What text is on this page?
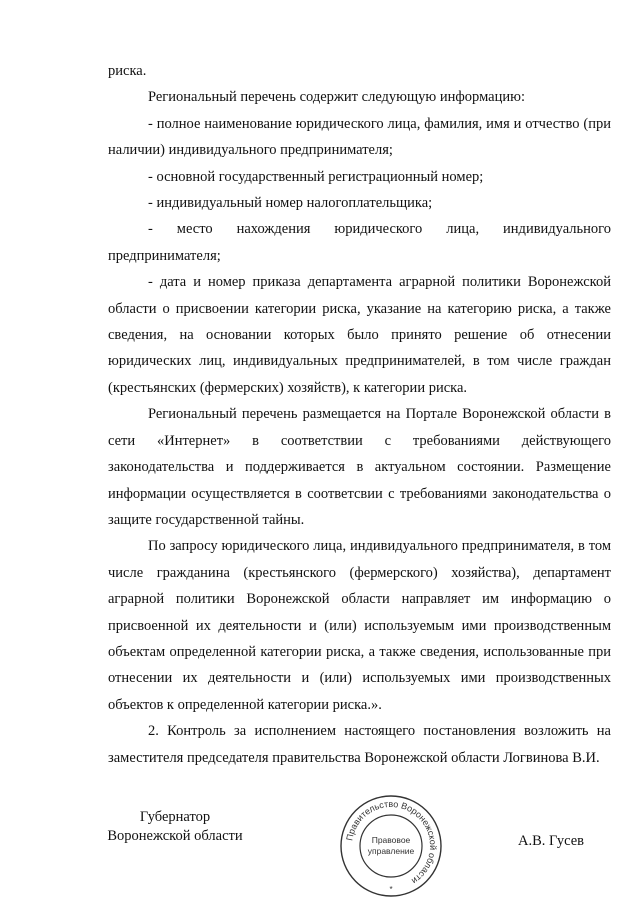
риска.

Региональный перечень содержит следующую информацию:

- полное наименование юридического лица, фамилия, имя и отчество (при наличии) индивидуального предпринимателя;

- основной государственный регистрационный номер;

- индивидуальный номер налогоплательщика;

- место нахождения юридического лица, индивидуального предпринимателя;

- дата и номер приказа департамента аграрной политики Воронежской области о присвоении категории риска, указание на категорию риска, а также сведения, на основании которых было принято решение об отнесении юридических лиц, индивидуальных предпринимателей, в том числе граждан (крестьянских (фермерских) хозяйств), к категории риска.

Региональный перечень размещается на Портале Воронежской области в сети «Интернет» в соответствии с требованиями действующего законодательства и поддерживается в актуальном состоянии. Размещение информации осуществляется в соответсвии с требованиями законодательства о защите государственной тайны.

По запросу юридического лица, индивидуального предпринимателя, в том числе гражданина (крестьянского (фермерского) хозяйства), департамент аграрной политики Воронежской области направляет им информацию о присвоенной их деятельности и (или) используемым ими производственным объектам определенной категории риска, а также сведения, использованные при отнесении их деятельности и (или) используемых ими производственных объектов к определенной категории риска.».

2. Контроль за исполнением настоящего постановления возложить на заместителя председателя правительства Воронежской области Логвинова В.И.

Губернатор
Воронежской области	Правительство Воронежской области
Правовое
управление
*
А.В. Гусев
